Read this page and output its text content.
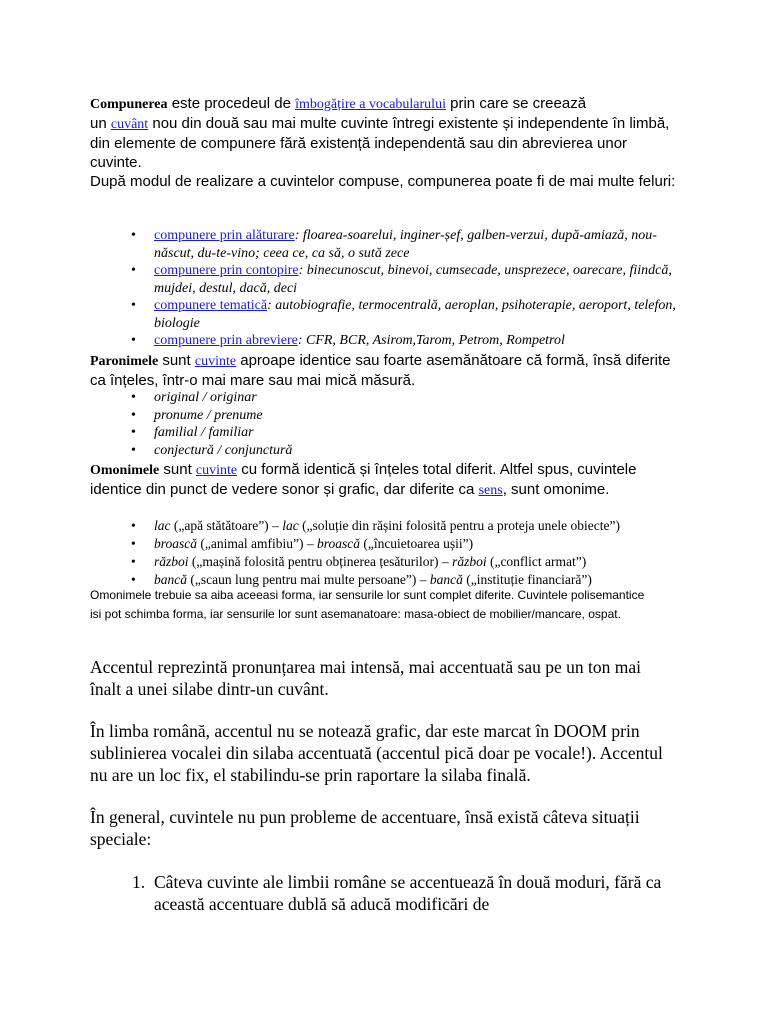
Compunerea este procedeul de îmbogățire a vocabularului prin care se creează
un cuvânt nou din două sau mai multe cuvinte întregi existente și independente în limbă, din elemente de compunere fără existență independentă sau din abrevierea unor cuvinte.
După modul de realizare a cuvintelor compuse, compunerea poate fi de mai multe feluri:
• compunere prin alăturare: floarea-soarelui, inginer-șef, galben-verzui, după-amiază, nou-născut, du-te-vino; ceea ce, ca să, o sută zece
• compunere prin contopire: binecunoscut, binevoi, cumsecade, unsprezece, oarecare, fiindcă, mujdei, destul, dacă, deci
• compunere tematică: autobiografie, termocentrală, aeroplan, psihoterapie, aeroport, telefon, biologie
• compunere prin abreviere: CFR, BCR, Asirom,Tarom, Petrom, Rompetrol
Paronimele sunt cuvinte aproape identice sau foarte asemănătoare că formă, însă diferite ca înțeles, într-o mai mare sau mai mică măsură.
• original / originar
• pronume / prenume
• familial / familiar
• conjectură / conjunctură
Omonimele sunt cuvinte cu formă identică și înțeles total diferit. Altfel spus, cuvintele identice din punct de vedere sonor și grafic, dar diferite ca sens, sunt omonime.
• lac („apă stătătoare”) – lac („soluție din rășini folosită pentru a proteja unele obiecte”)
• broască („animal amfibiu”) – broască („încuietoarea ușii”)
• război („mașină folosită pentru obținerea țesăturilor) – război („conflict armat”)
• bancă („scaun lung pentru mai multe persoane”) – bancă („instituție financiară”)
Omonimele trebuie sa aiba aceeasi forma, iar sensurile lor sunt complet diferite. Cuvintele polisemantice isi pot schimba forma, iar sensurile lor sunt asemanatoare: masa-obiect de mobilier/mancare, ospat.
Accentul reprezintă pronunțarea mai intensă, mai accentuată sau pe un ton mai înalt a unei silabe dintr-un cuvânt.
În limba română, accentul nu se notează grafic, dar este marcat în DOOM prin sublinierea vocalei din silaba accentuată (accentul pică doar pe vocale!). Accentul nu are un loc fix, el stabilindu-se prin raportare la silaba finală.
În general, cuvintele nu pun probleme de accentuare, însă există câteva situații speciale:
1. Câteva cuvinte ale limbii române se accentuează în două moduri, fără ca această accentuare dublă să aducă modificări de
